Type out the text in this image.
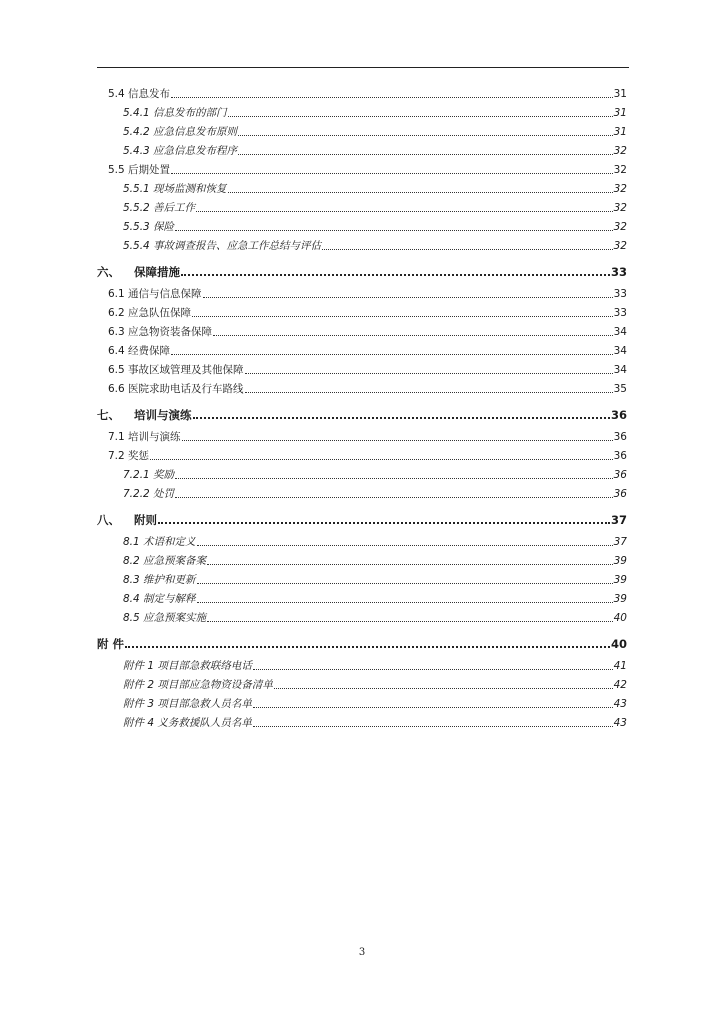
5.4 信息发布	31
5.4.1 信息发布的部门	31
5.4.2 应急信息发布原则	31
5.4.3 应急信息发布程序	32
5.5 后期处置	32
5.5.1 现场监测和恢复	32
5.5.2 善后工作	32
5.5.3 保险	32
5.5.4 事故调查报告、应急工作总结与评估	32
六、 保障措施	33
6.1 通信与信息保障	33
6.2 应急队伍保障	33
6.3 应急物资装备保障	34
6.4 经费保障	34
6.5 事故区域管理及其他保障	34
6.6 医院求助电话及行车路线	35
七、 培训与演练	36
7.1 培训与演练	36
7.2 奖惩	36
7.2.1 奖励	36
7.2.2 处罚	36
八、 附则	37
8.1 术语和定义	37
8.2 应急预案备案	39
8.3 维护和更新	39
8.4 制定与解释	39
8.5 应急预案实施	40
附 件	40
附件 1 项目部急救联络电话	41
附件 2 项目部应急物资设备清单	42
附件 3 项目部急救人员名单	43
附件 4 义务救援队人员名单	43
3
